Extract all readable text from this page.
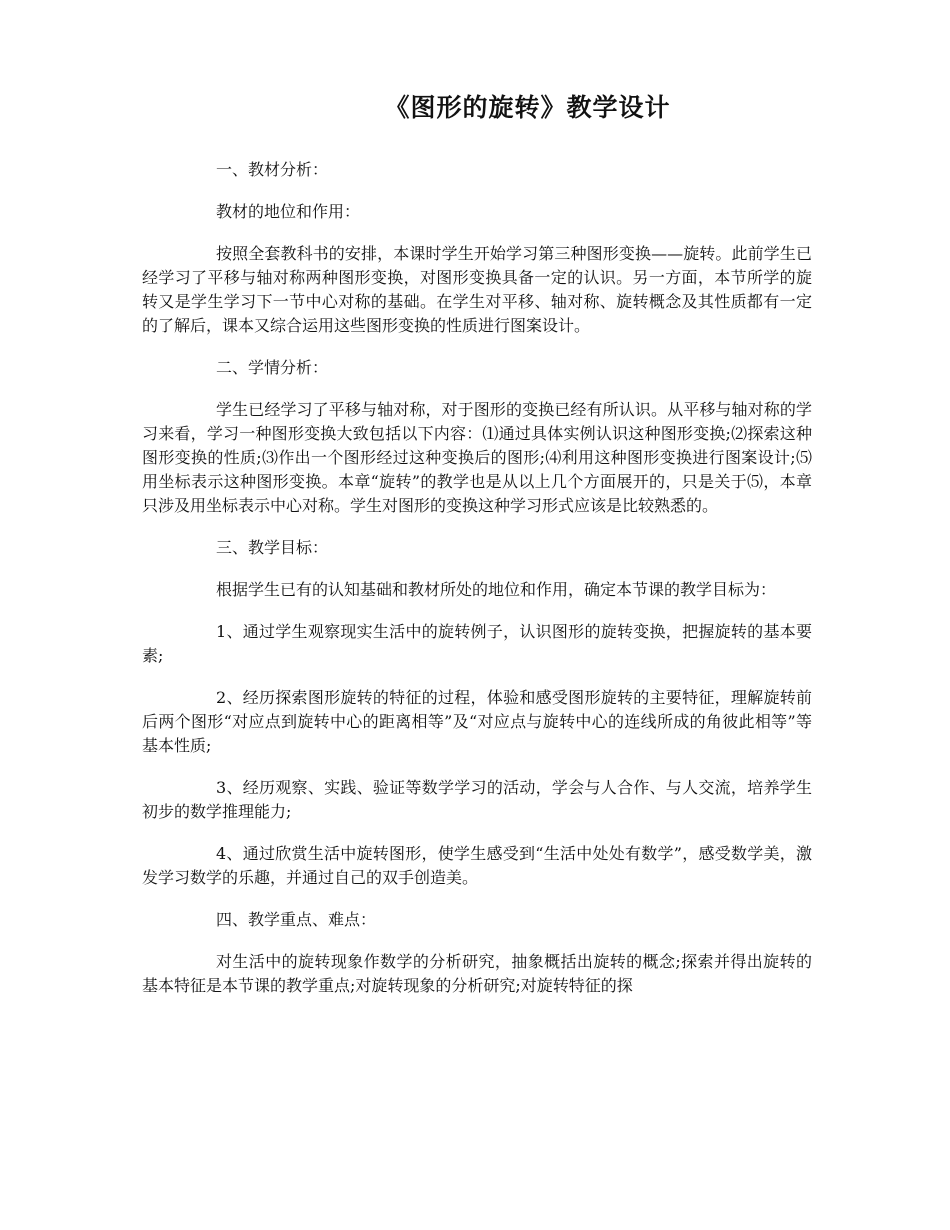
《图形的旋转》教学设计

一、教材分析：

教材的地位和作用：

按照全套教科书的安排，本课时学生开始学习第三种图形变换——旋转。此前学生已经学习了平移与轴对称两种图形变换，对图形变换具备一定的认识。另一方面，本节所学的旋转又是学生学习下一节中心对称的基础。在学生对平移、轴对称、旋转概念及其性质都有一定的了解后，课本又综合运用这些图形变换的性质进行图案设计。

二、学情分析：

学生已经学习了平移与轴对称，对于图形的变换已经有所认识。从平移与轴对称的学习来看，学习一种图形变换大致包括以下内容：⑴通过具体实例认识这种图形变换;⑵探索这种图形变换的性质;⑶作出一个图形经过这种变换后的图形;⑷利用这种图形变换进行图案设计;⑸用坐标表示这种图形变换。本章“旋转”的教学也是从以上几个方面展开的，只是关于⑸，本章只涉及用坐标表示中心对称。学生对图形的变换这种学习形式应该是比较熟悉的。

三、教学目标：

根据学生已有的认知基础和教材所处的地位和作用，确定本节课的教学目标为：

1、通过学生观察现实生活中的旋转例子，认识图形的旋转变换，把握旋转的基本要素;

2、经历探索图形旋转的特征的过程，体验和感受图形旋转的主要特征，理解旋转前后两个图形“对应点到旋转中心的距离相等”及“对应点与旋转中心的连线所成的角彼此相等”等基本性质;

3、经历观察、实践、验证等数学学习的活动，学会与人合作、与人交流，培养学生初步的数学推理能力;

4、通过欣赏生活中旋转图形，使学生感受到“生活中处处有数学”，感受数学美，激发学习数学的乐趣，并通过自己的双手创造美。

四、教学重点、难点：

对生活中的旋转现象作数学的分析研究，抽象概括出旋转的概念;探索并得出旋转的基本特征是本节课的教学重点;对旋转现象的分析研究;对旋转特征的探
